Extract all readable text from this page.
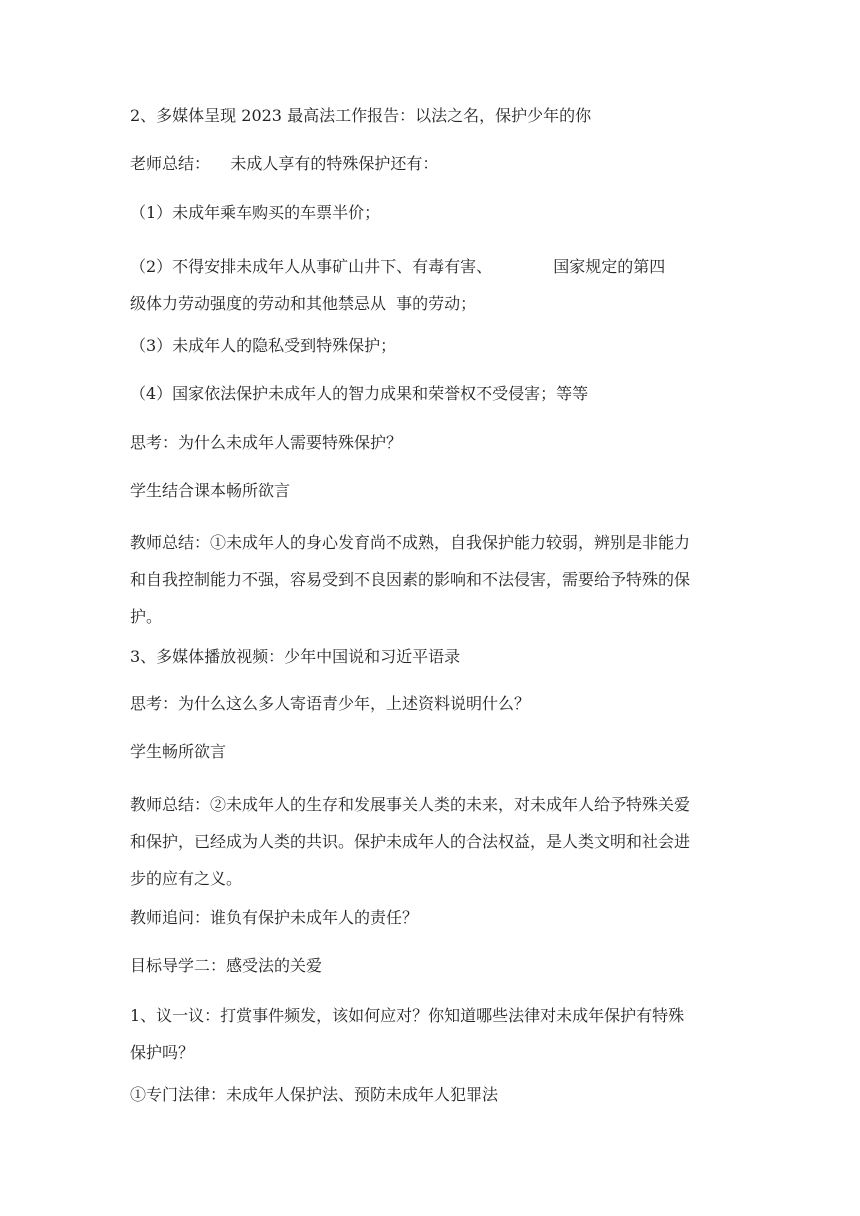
2、多媒体呈现 2023 最高法工作报告：以法之名，保护少年的你

老师总结：    未成人享有的特殊保护还有：

（1）未成年乘车购买的车票半价；

（2）不得安排未成年人从事矿山井下、有毒有害、            国家规定的第四
级体力劳动强度的劳动和其他禁忌从  事的劳动；

（3）未成年人的隐私受到特殊保护；

（4）国家依法保护未成年人的智力成果和荣誉权不受侵害；等等

思考：为什么未成年人需要特殊保护？

学生结合课本畅所欲言

教师总结：①未成年人的身心发育尚不成熟，自我保护能力较弱，辨别是非能力
和自我控制能力不强，容易受到不良因素的影响和不法侵害，需要给予特殊的保
护。

3、多媒体播放视频：少年中国说和习近平语录

思考：为什么这么多人寄语青少年，上述资料说明什么？

学生畅所欲言

教师总结：②未成年人的生存和发展事关人类的未来，对未成年人给予特殊关爱
和保护，已经成为人类的共识。保护未成年人的合法权益，是人类文明和社会进
步的应有之义。

教师追问：谁负有保护未成年人的责任？

目标导学二：感受法的关爱

1、议一议：打赏事件频发，该如何应对？你知道哪些法律对未成年保护有特殊
保护吗？

①专门法律：未成年人保护法、预防未成年人犯罪法
